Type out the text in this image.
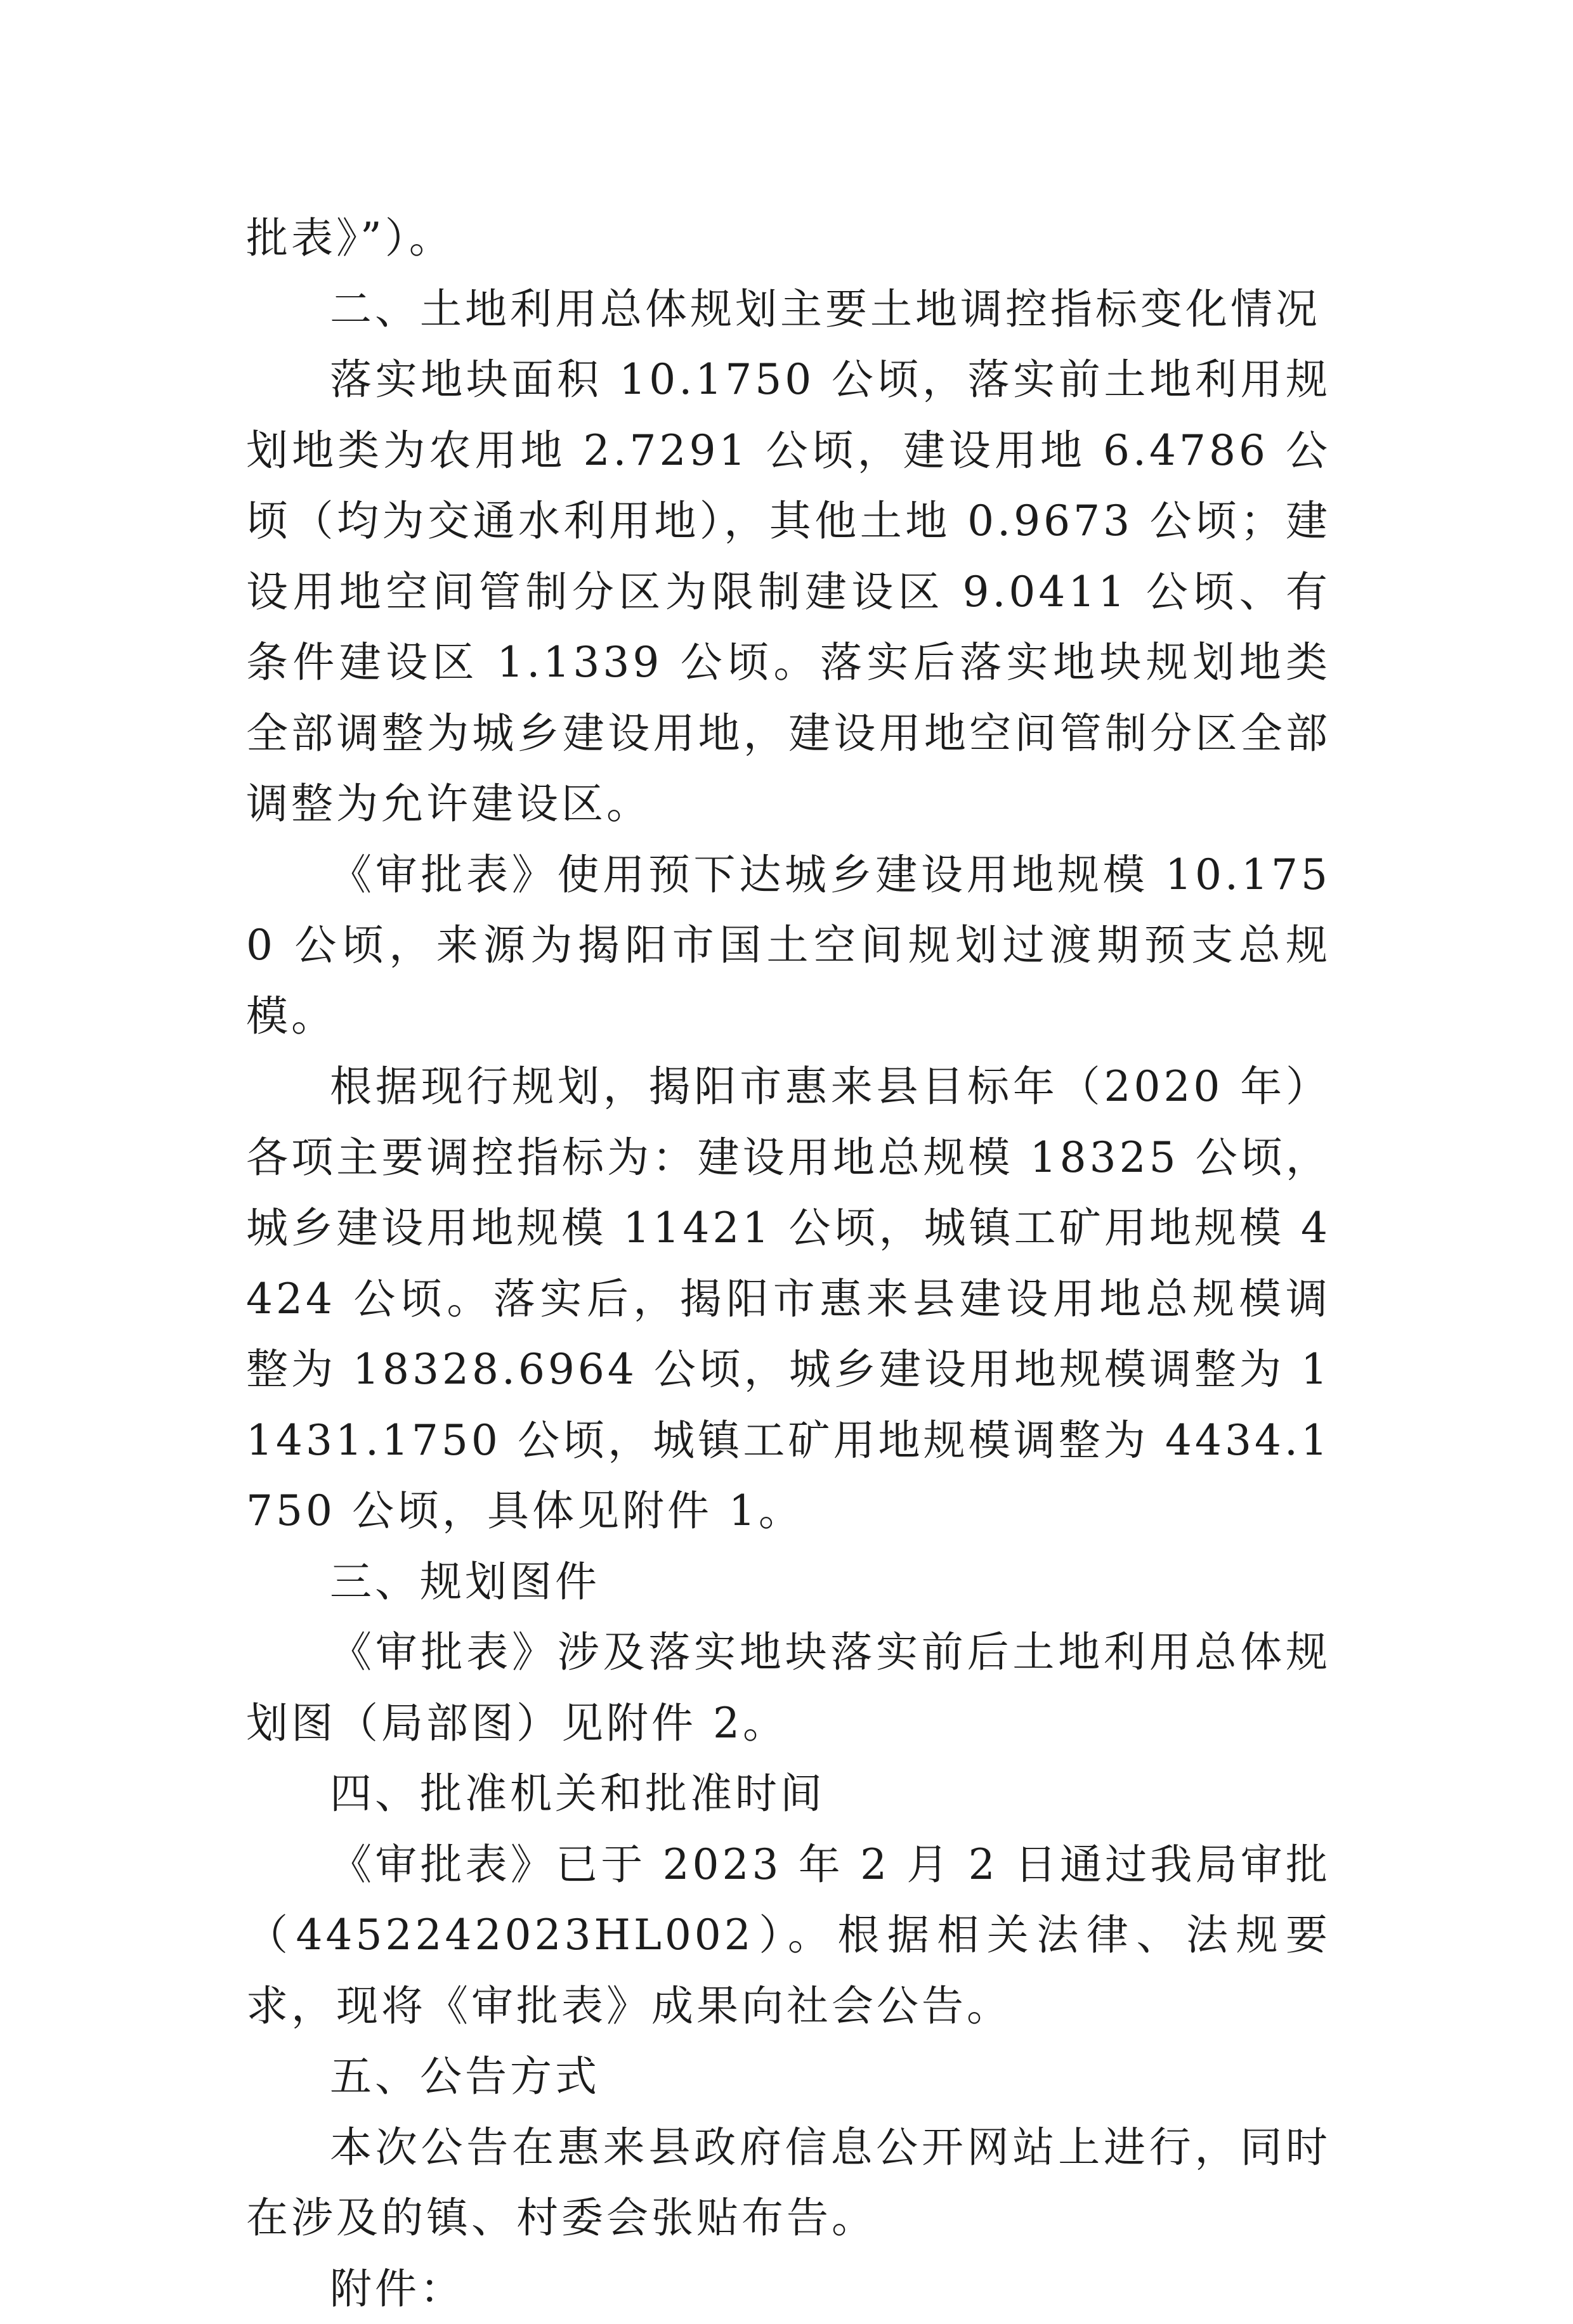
批表》”）。

二、土地利用总体规划主要土地调控指标变化情况

落实地块面积 10.1750 公顷，落实前土地利用规划地类为农用地 2.7291 公顷，建设用地 6.4786 公顷（均为交通水利用地），其他土地 0.9673 公顷；建设用地空间管制分区为限制建设区 9.0411 公顷、有条件建设区 1.1339 公顷。落实后落实地块规划地类全部调整为城乡建设用地，建设用地空间管制分区全部调整为允许建设区。

《审批表》使用预下达城乡建设用地规模 10.1750 公顷，来源为揭阳市国土空间规划过渡期预支总规模。

根据现行规划，揭阳市惠来县目标年（2020 年）各项主要调控指标为：建设用地总规模 18325 公顷，城乡建设用地规模 11421 公顷，城镇工矿用地规模 4424 公顷。落实后，揭阳市惠来县建设用地总规模调整为 18328.6964 公顷，城乡建设用地规模调整为 11431.1750 公顷，城镇工矿用地规模调整为 4434.1750 公顷，具体见附件 1。

三、规划图件

《审批表》涉及落实地块落实前后土地利用总体规划图（局部图）见附件 2。

四、批准机关和批准时间

《审批表》已于 2023 年 2 月 2 日通过我局审批（4452242023HL002）。根据相关法律、法规要求，现将《审批表》成果向社会公告。

五、公告方式

本次公告在惠来县政府信息公开网站上进行，同时在涉及的镇、村委会张贴布告。

附件：
